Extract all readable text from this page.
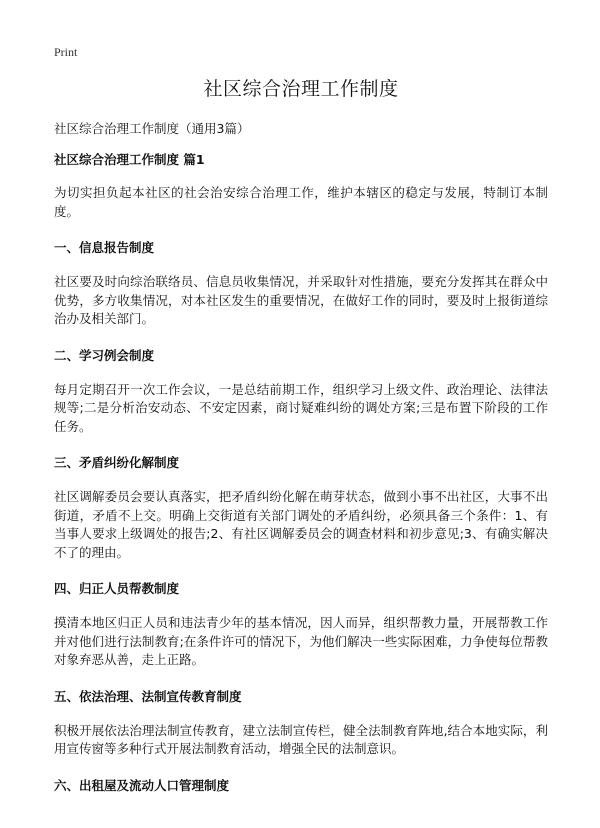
Print

社区综合治理工作制度

社区综合治理工作制度（通用3篇）

社区综合治理工作制度 篇1

为切实担负起本社区的社会治安综合治理工作，维护本辖区的稳定与发展，特制订本制度。

一、信息报告制度

社区要及时向综治联络员、信息员收集情况，并采取针对性措施，要充分发挥其在群众中优势，多方收集情况，对本社区发生的重要情况，在做好工作的同时，要及时上报街道综治办及相关部门。

二、学习例会制度

每月定期召开一次工作会议，一是总结前期工作，组织学习上级文件、政治理论、法律法规等;二是分析治安动态、不安定因素，商讨疑难纠纷的调处方案;三是布置下阶段的工作任务。

三、矛盾纠纷化解制度

社区调解委员会要认真落实，把矛盾纠纷化解在萌芽状态，做到小事不出社区，大事不出街道，矛盾不上交。明确上交街道有关部门调处的矛盾纠纷，必须具备三个条件：1、有当事人要求上级调处的报告;2、有社区调解委员会的调查材料和初步意见;3、有确实解决不了的理由。

四、归正人员帮教制度

摸清本地区归正人员和违法青少年的基本情况，因人而异，组织帮教力量，开展帮教工作并对他们进行法制教育;在条件许可的情况下，为他们解决一些实际困难，力争使每位帮教对象弃恶从善，走上正路。

五、依法治理、法制宣传教育制度

积极开展依法治理法制宣传教育，建立法制宣传栏，健全法制教育阵地,结合本地实际，利用宣传窗等多种行式开展法制教育活动，增强全民的法制意识。

六、出租屋及流动人口管理制度
